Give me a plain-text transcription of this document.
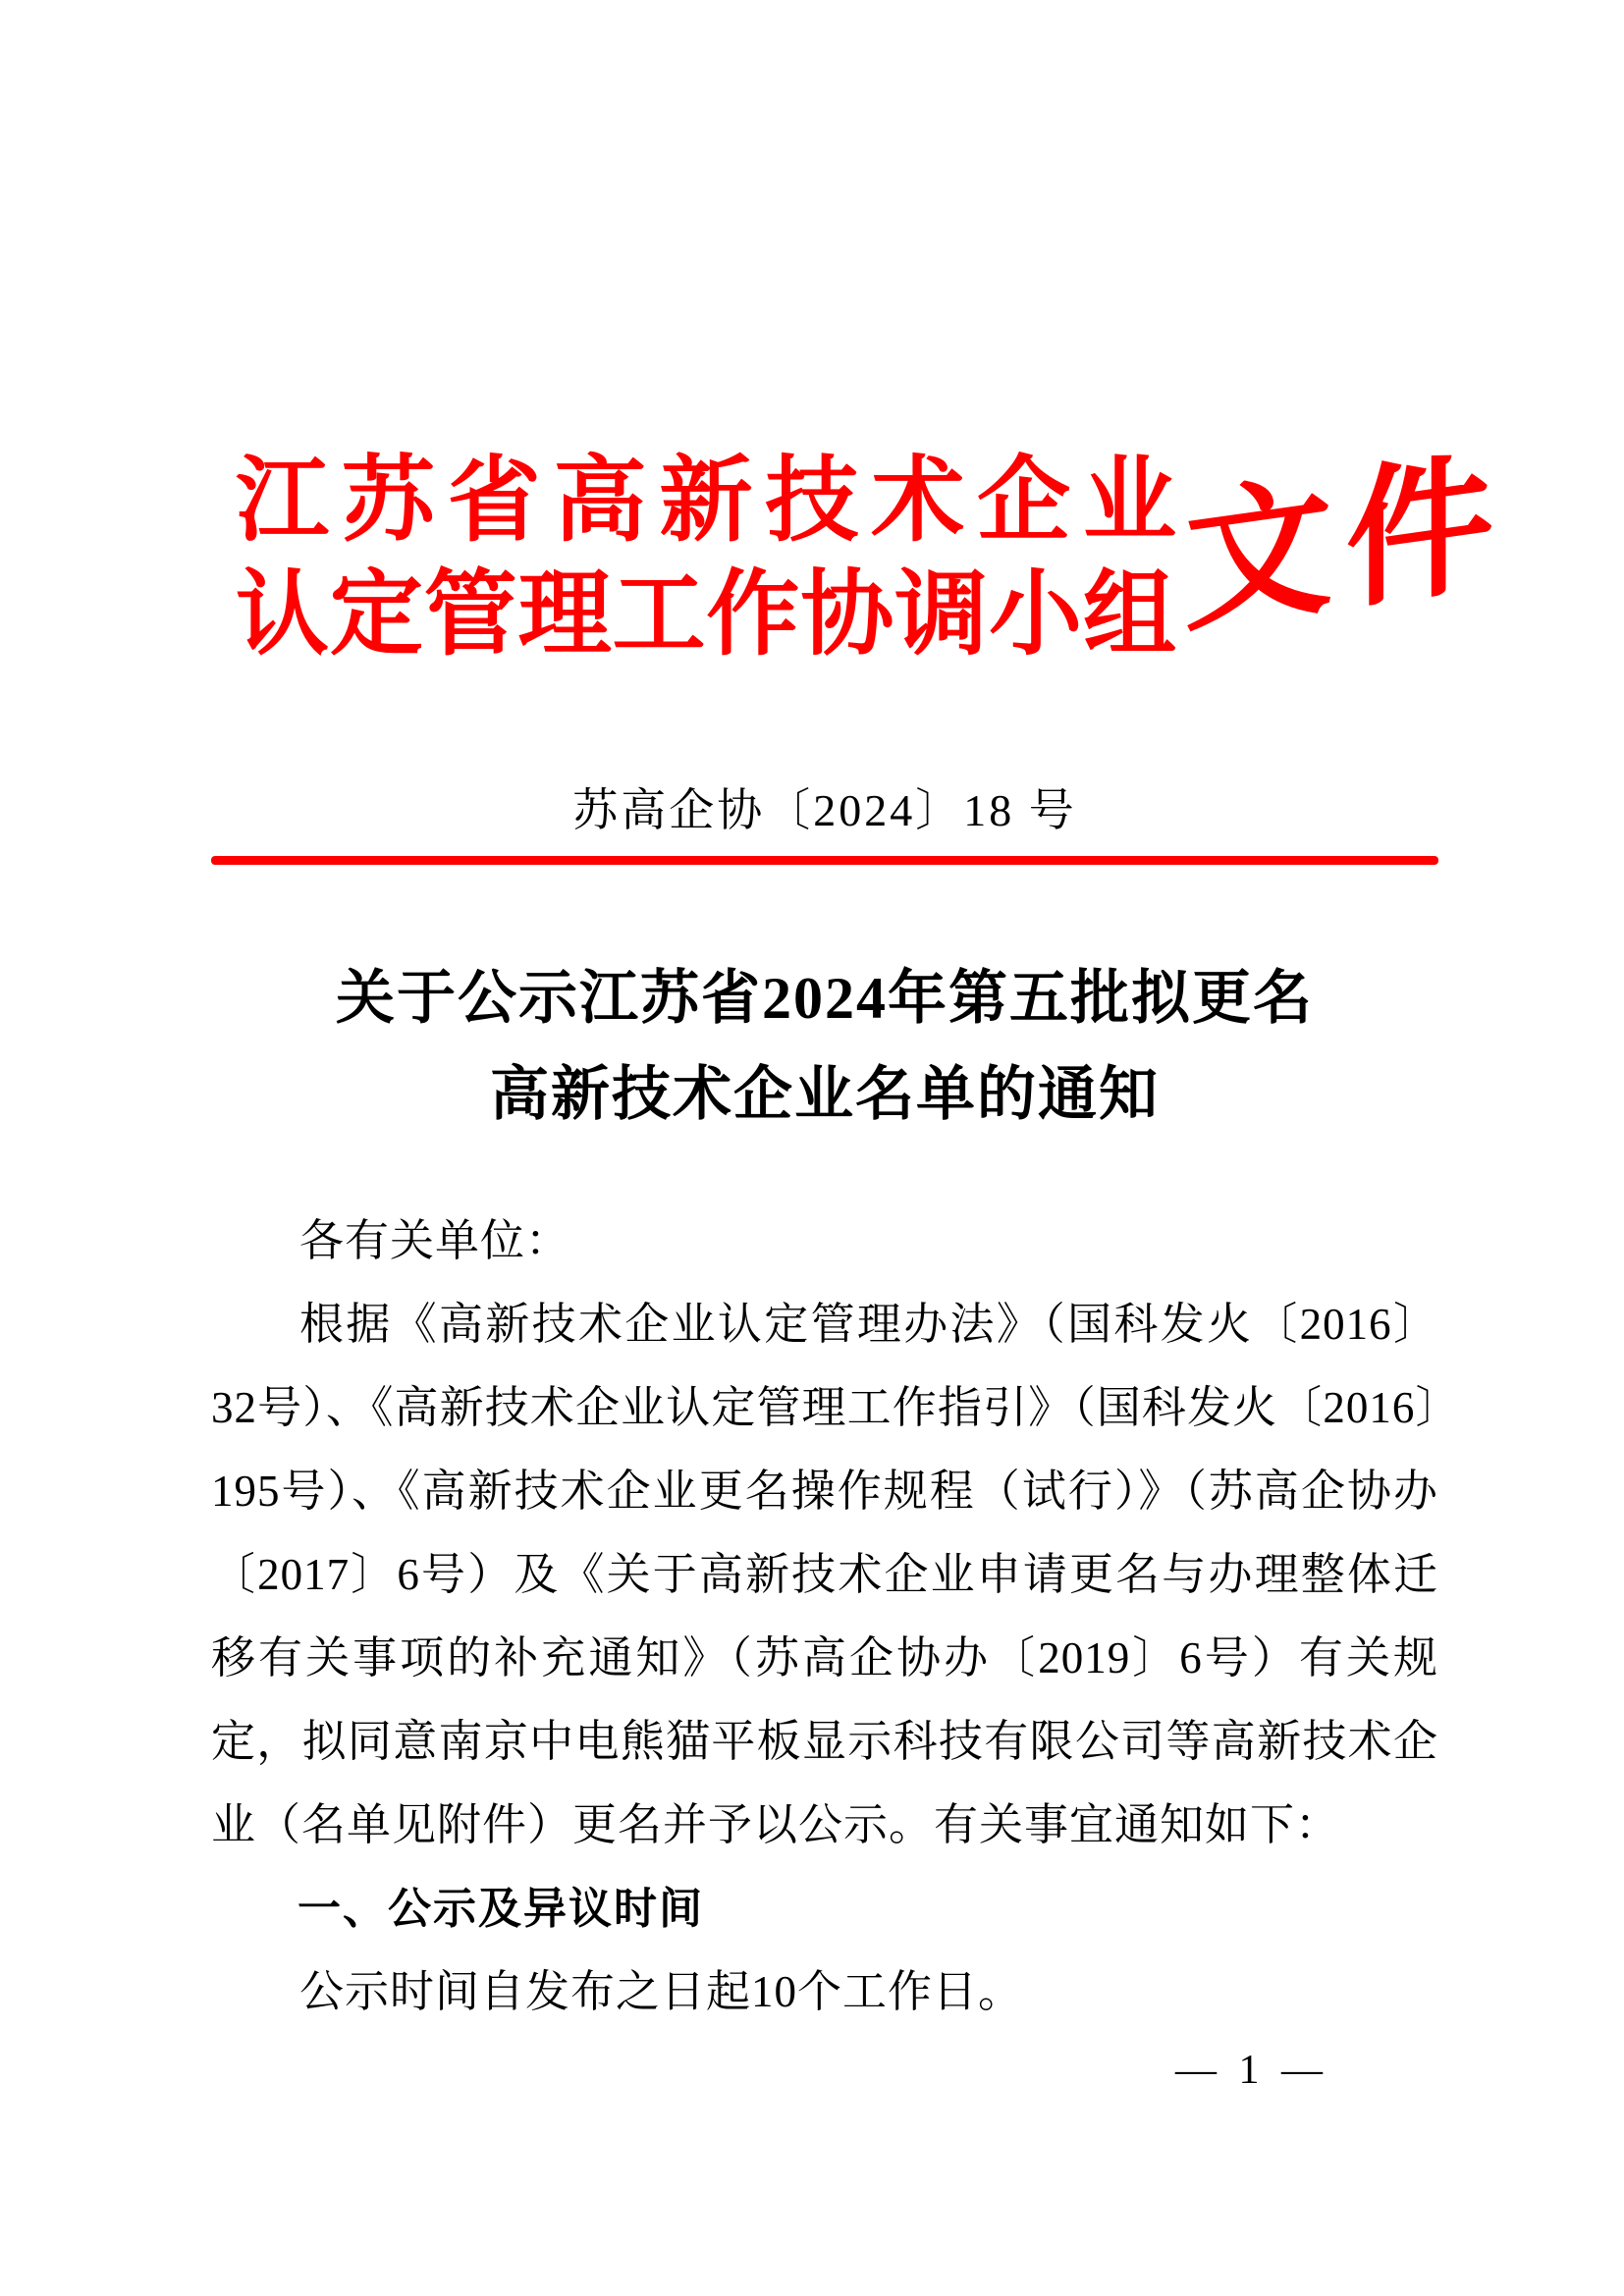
江苏省高新技术企业
认定管理工作协调小组 文件
苏高企协〔2024〕18 号
关于公示江苏省2024年第五批拟更名
高新技术企业名单的通知

各有关单位：

根据《高新技术企业认定管理办法》（国科发火〔2016〕32号）、《高新技术企业认定管理工作指引》（国科发火〔2016〕195号）、《高新技术企业更名操作规程（试行）》（苏高企协办〔2017〕6号）及《关于高新技术企业申请更名与办理整体迁移有关事项的补充通知》（苏高企协办〔2019〕6号）有关规定，拟同意南京中电熊猫平板显示科技有限公司等高新技术企业（名单见附件）更名并予以公示。有关事宜通知如下：

一、公示及异议时间

公示时间自发布之日起10个工作日。

— 1 —
